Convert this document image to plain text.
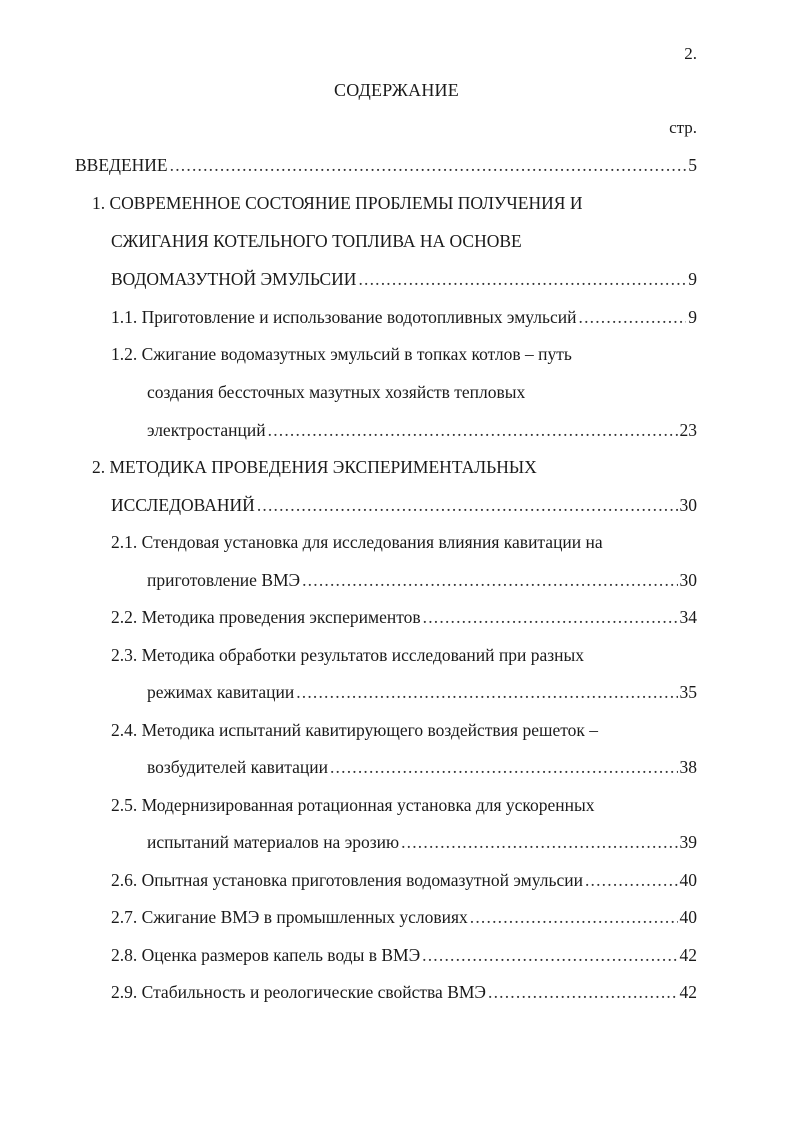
2.
СОДЕРЖАНИЕ
стр.
ВВЕДЕНИЕ .....	5
1. СОВРЕМЕННОЕ СОСТОЯНИЕ ПРОБЛЕМЫ ПОЛУЧЕНИЯ И
СЖИГАНИЯ КОТЕЛЬНОГО ТОПЛИВА НА ОСНОВЕ
ВОДОМАЗУТНОЙ ЭМУЛЬСИИ .....	9
1.1. Приготовление и использование водотопливных эмульсий .....	9
1.2. Сжигание водомазутных эмульсий в топках котлов – путь
создания бессточных мазутных хозяйств тепловых
электростанций .....	23
2. МЕТОДИКА ПРОВЕДЕНИЯ ЭКСПЕРИМЕНТАЛЬНЫХ
ИССЛЕДОВАНИЙ .....	30
2.1. Стендовая установка для исследования влияния кавитации на
приготовление ВМЭ .....	30
2.2. Методика проведения экспериментов .....	34
2.3. Методика обработки результатов исследований при разных
режимах кавитации .....	35
2.4. Методика испытаний кавитирующего воздействия решеток –
возбудителей кавитации .....	38
2.5. Модернизированная ротационная установка для ускоренных
испытаний материалов на эрозию .....	39
2.6. Опытная установка приготовления водомазутной эмульсии .....	40
2.7. Сжигание ВМЭ в промышленных условиях .....	40
2.8. Оценка размеров капель воды в ВМЭ .....	42
2.9. Стабильность и реологические свойства ВМЭ .....	42
